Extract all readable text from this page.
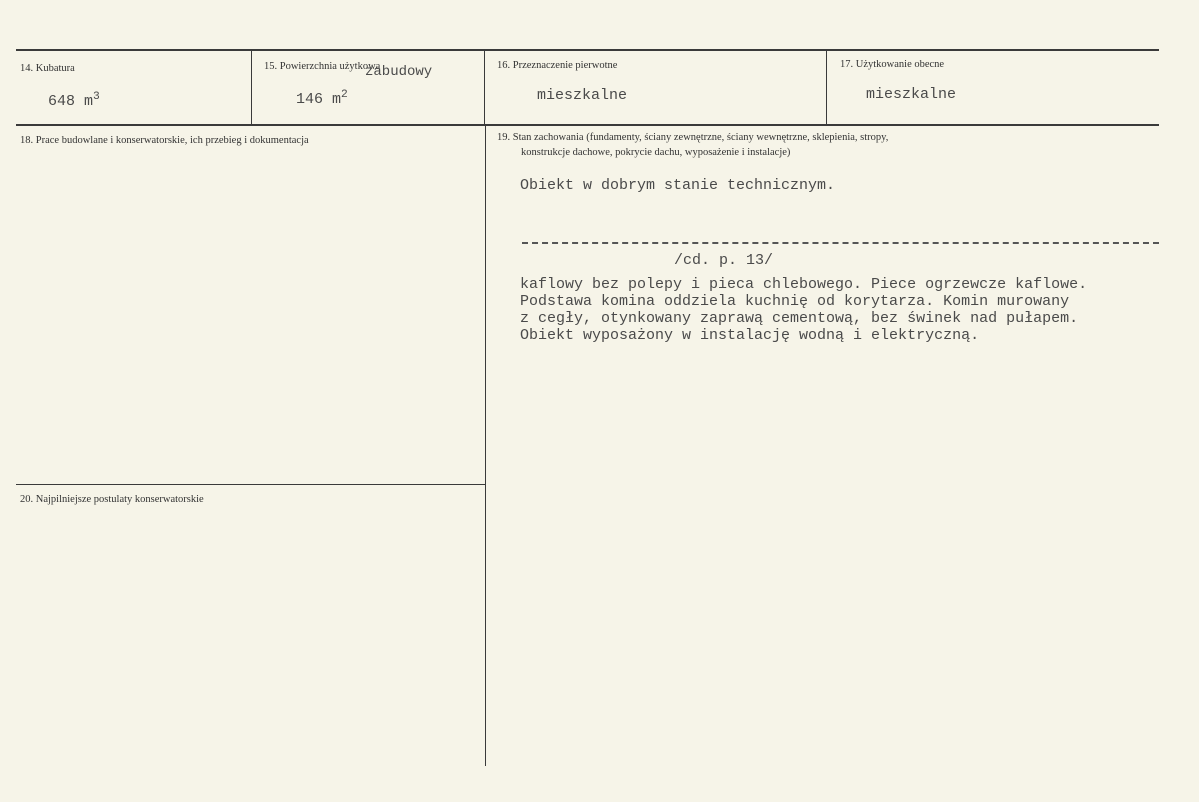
14. Kubatura
648 $m^3$
15. Powierzchnia użytkowa
zabudowy
146 $m^2$
16. Przeznaczenie pierwotne
mieszkalne
17. Użytkowanie obecne
mieszkalne
18. Prace budowlane i konserwatorskie, ich przebieg i dokumentacja	19. Stan zachowania (fundamenty, ściany zewnętrzne, ściany wewnętrzne, sklepienia, stropy,
konstrukcje dachowe, pokrycie dachu, wyposażenie i instalacje)
Obiekt w dobrym stanie technicznym.
/cd. p. 13/
kaflowy bez polepy i pieca chlebowego. Piece ogrzewcze kaflowe.
Podstawa komina oddziela kuchnię od korytarza. Komin murowany
z cegły, otynkowany zaprawą cementową, bez świnek nad pułapem.
Obiekt wyposażony w instalację wodną i elektryczną.
20. Najpilniejsze postulaty konserwatorskie
